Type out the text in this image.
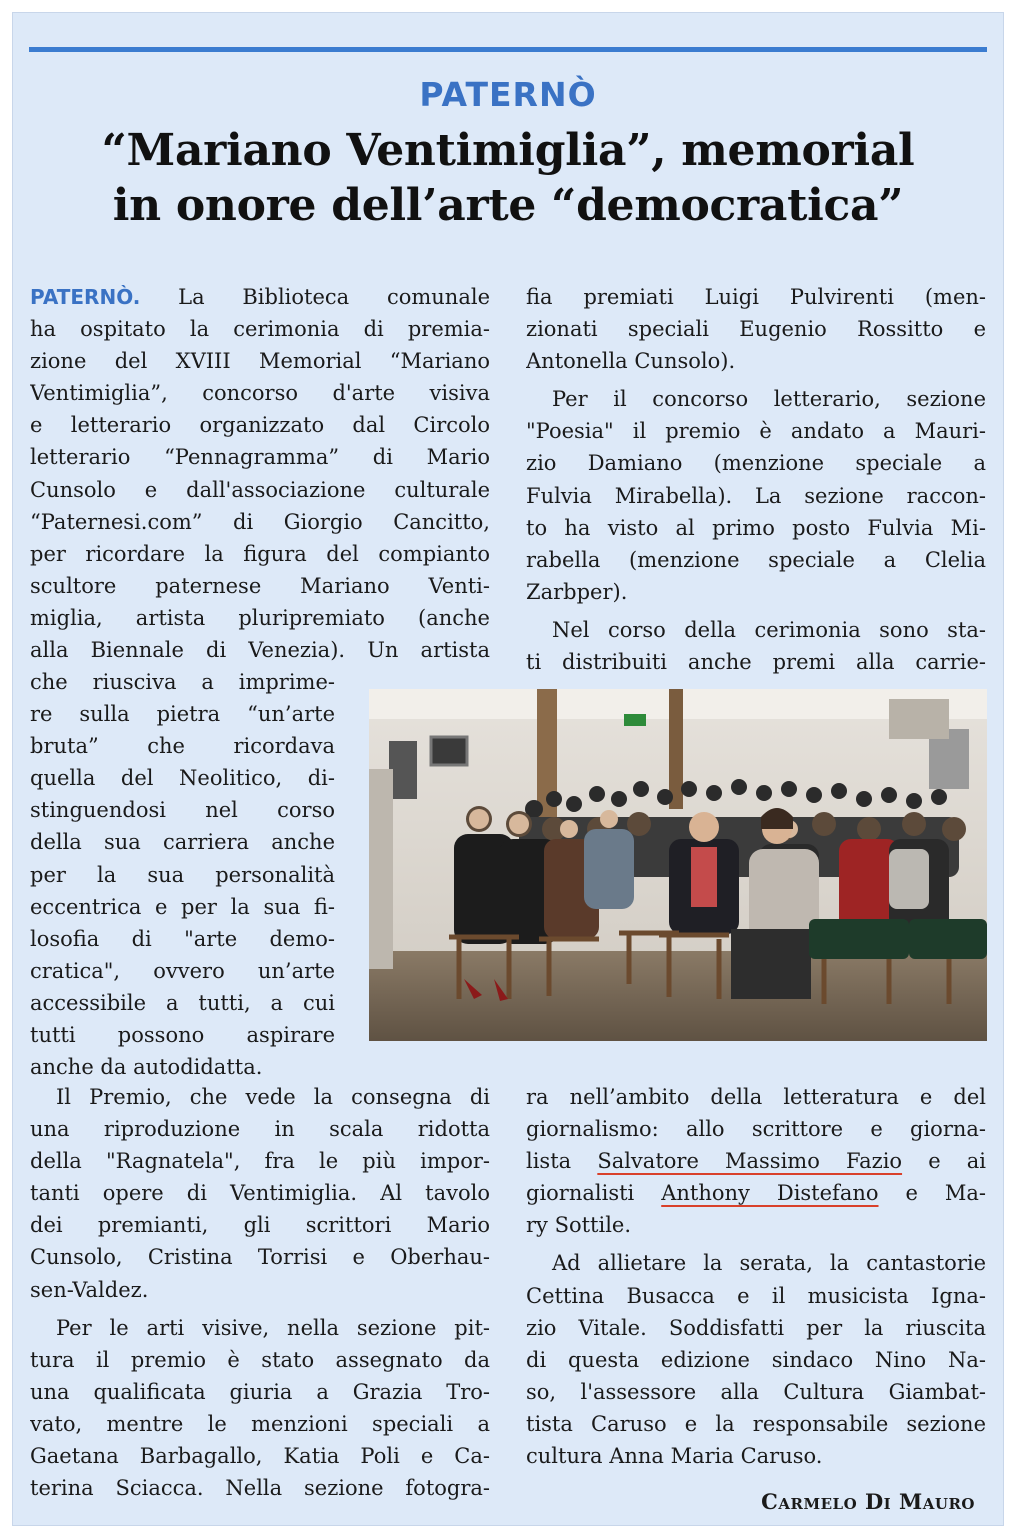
PATERNÒ
“Mariano Ventimiglia”, memorial
in onore dell’arte “democratica”
PATERNÒ. La Biblioteca comunale
ha ospitato la cerimonia di premia-
zione del XVIII Memorial “Mariano
Ventimiglia”, concorso d'arte visiva
e letterario organizzato dal Circolo
letterario “Pennagramma” di Mario
Cunsolo e dall'associazione culturale
“Paternesi.com” di Giorgio Cancitto,
per ricordare la figura del compianto
scultore paternese Mariano Venti-
miglia, artista pluripremiato (anche
alla Biennale di Venezia). Un artista
che riusciva a imprime-
re sulla pietra “un’arte
bruta” che ricordava
quella del Neolitico, di-
stinguendosi nel corso
della sua carriera anche
per la sua personalità
eccentrica e per la sua fi-
losofia di "arte demo-
cratica", ovvero un’arte
accessibile a tutti, a cui
tutti possono aspirare
anche da autodidatta.
Il Premio, che vede la consegna di
una riproduzione in scala ridotta
della "Ragnatela", fra le più impor-
tanti opere di Ventimiglia. Al tavolo
dei premianti, gli scrittori Mario
Cunsolo, Cristina Torrisi e Oberhau-
sen-Valdez.
Per le arti visive, nella sezione pit-
tura il premio è stato assegnato da
una qualificata giuria a Grazia Tro-
vato, mentre le menzioni speciali a
Gaetana Barbagallo, Katia Poli e Ca-
terina Sciacca. Nella sezione fotogra-
fia premiati Luigi Pulvirenti (men-
zionati speciali Eugenio Rossitto e
Antonella Cunsolo).
Per il concorso letterario, sezione
"Poesia" il premio è andato a Mauri-
zio Damiano (menzione speciale a
Fulvia Mirabella). La sezione raccon-
to ha visto al primo posto Fulvia Mi-
rabella (menzione speciale a Clelia
Zarbper).
Nel corso della cerimonia sono sta-
ti distribuiti anche premi alla carrie-
ra nell’ambito della letteratura e del
giornalismo: allo scrittore e giorna-
lista Salvatore Massimo Fazio e ai
giornalisti Anthony Distefano e Ma-
ry Sottile.
Ad allietare la serata, la cantastorie
Cettina Busacca e il musicista Igna-
zio Vitale. Soddisfatti per la riuscita
di questa edizione sindaco Nino Na-
so, l'assessore alla Cultura Giambat-
tista Caruso e la responsabile sezione
cultura Anna Maria Caruso.
Carmelo Di Mauro
